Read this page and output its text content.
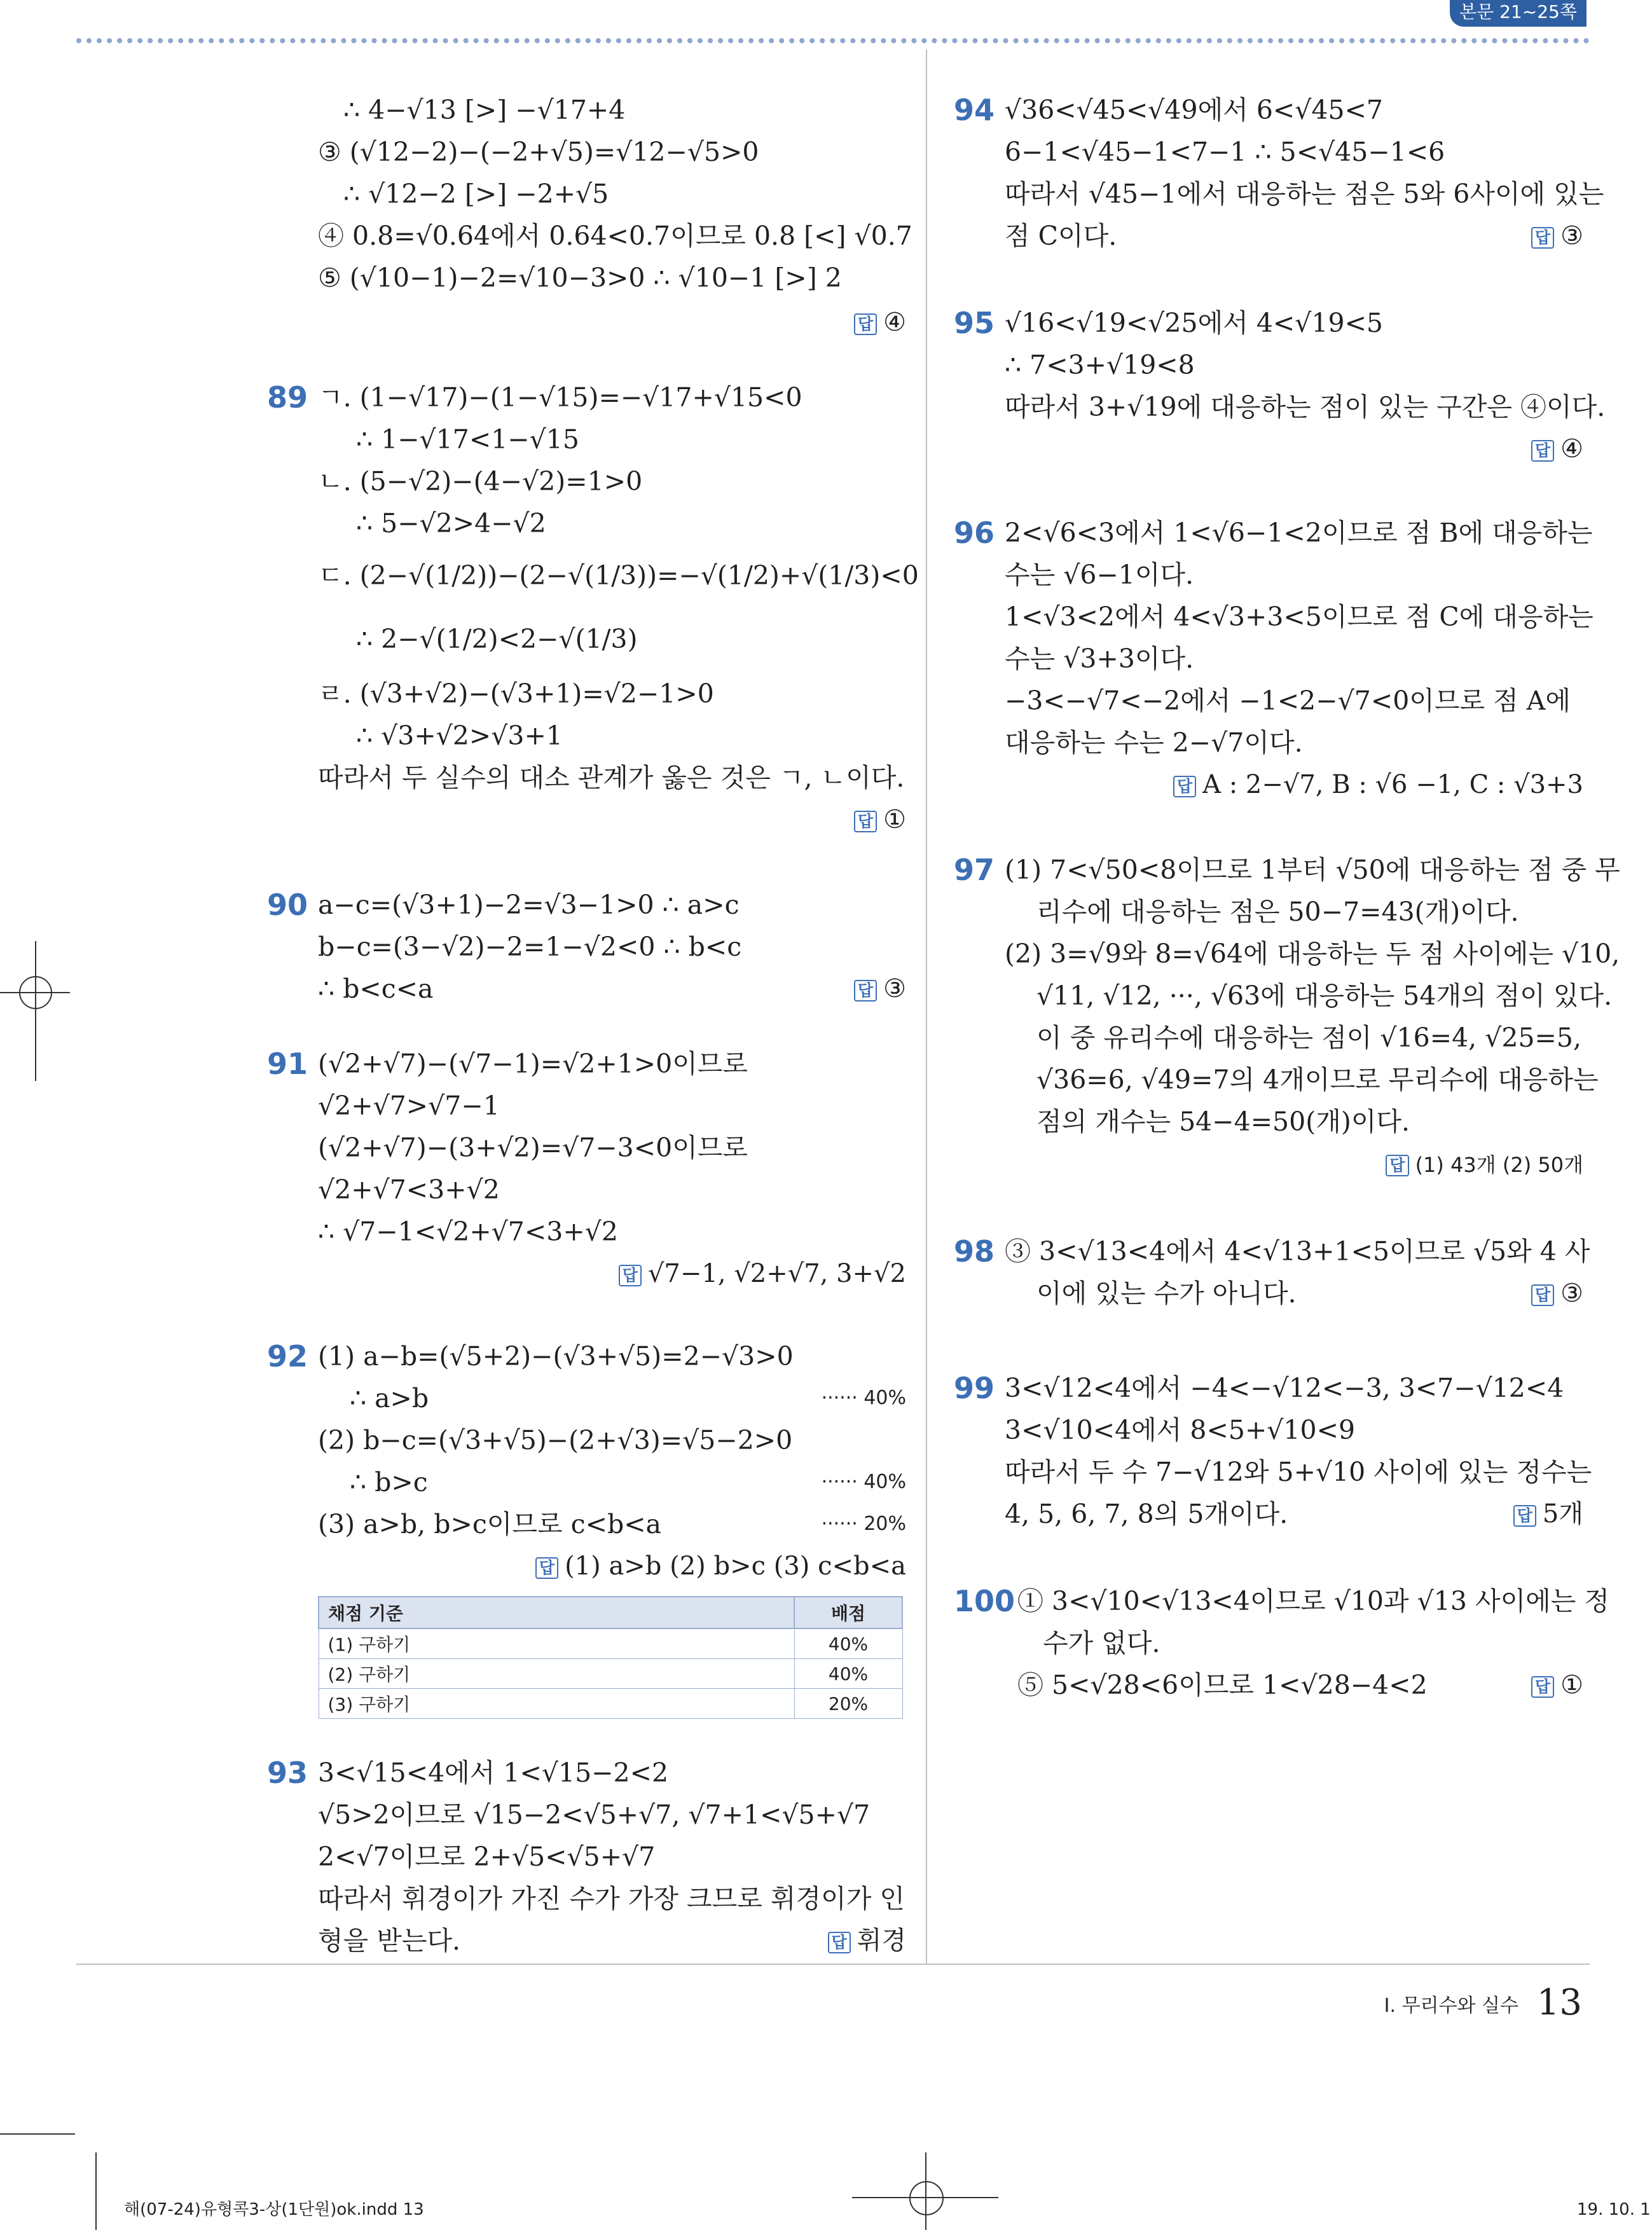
본문 21~25쪽
∴ 4−√13 [>] −√17+4
③ (√12−2)−(−2+√5)=√12−√5>0
∴ √12−2 [>] −2+√5
④ 0.8=√0.64에서 0.64<0.7이므로 0.8 [<] √0.7
⑤ (√10−1)−2=√10−3>0 ∴ √10−1 [>] 2
답 ④
89 ㄱ. (1−√17)−(1−√15)=−√17+√15<0
∴ 1−√17<1−√15
ㄴ. (5−√2)−(4−√2)=1>0
∴ 5−√2>4−√2
ㄷ. (2−√(1/2))−(2−√(1/3))=−√(1/2)+√(1/3)<0
∴ 2−√(1/2)<2−√(1/3)
ㄹ. (√3+√2)−(√3+1)=√2−1>0
∴ √3+√2>√3+1
따라서 두 실수의 대소 관계가 옳은 것은 ㄱ, ㄴ이다.
답 ①
90 a−c=(√3+1)−2=√3−1>0 ∴ a>c
b−c=(3−√2)−2=1−√2<0 ∴ b<c
∴ b<c<a	답 ③
91 (√2+√7)−(√7−1)=√2+1>0이므로
√2+√7>√7−1
(√2+√7)−(3+√2)=√7−3<0이므로
√2+√7<3+√2
∴ √7−1<√2+√7<3+√2
답 √7−1, √2+√7, 3+√2
92 (1) a−b=(√5+2)−(√3+√5)=2−√3>0
∴ a>b	······ 40%
(2) b−c=(√3+√5)−(2+√3)=√5−2>0
∴ b>c	······ 40%
(3) a>b, b>c이므로 c<b<a	······ 20%
답 (1) a>b (2) b>c (3) c<b<a
채점 기준	배점
(1) 구하기	40%
(2) 구하기	40%
(3) 구하기	20%
93 3<√15<4에서 1<√15−2<2
√5>2이므로 √15−2<√5+√7, √7+1<√5+√7
2<√7이므로 2+√5<√5+√7
따라서 휘경이가 가진 수가 가장 크므로 휘경이가 인
형을 받는다.	답 휘경
94 √36<√45<√49에서 6<√45<7
6−1<√45−1<7−1 ∴ 5<√45−1<6
따라서 √45−1에서 대응하는 점은 5와 6사이에 있는
점 C이다.	답 ③
95 √16<√19<√25에서 4<√19<5
∴ 7<3+√19<8
따라서 3+√19에 대응하는 점이 있는 구간은 ④이다.
답 ④
96 2<√6<3에서 1<√6−1<2이므로 점 B에 대응하는
수는 √6−1이다.
1<√3<2에서 4<√3+3<5이므로 점 C에 대응하는
수는 √3+3이다.
−3<−√7<−2에서 −1<2−√7<0이므로 점 A에
대응하는 수는 2−√7이다.
답 A : 2−√7, B : √6 −1, C : √3+3
97 (1) 7<√50<8이므로 1부터 √50에 대응하는 점 중 무
리수에 대응하는 점은 50−7=43(개)이다.
(2) 3=√9와 8=√64에 대응하는 두 점 사이에는 √10,
√11, √12, ···, √63에 대응하는 54개의 점이 있다.
이 중 유리수에 대응하는 점이 √16=4, √25=5,
√36=6, √49=7의 4개이므로 무리수에 대응하는
점의 개수는 54−4=50(개)이다.
답 (1) 43개 (2) 50개
98 ③ 3<√13<4에서 4<√13+1<5이므로 √5와 4 사
이에 있는 수가 아니다.	답 ③
99 3<√12<4에서 −4<−√12<−3, 3<7−√12<4
3<√10<4에서 8<5+√10<9
따라서 두 수 7−√12와 5+√10 사이에 있는 정수는
4, 5, 6, 7, 8의 5개이다.	답 5개
100 ① 3<√10<√13<4이므로 √10과 √13 사이에는 정
수가 없다.
⑤ 5<√28<6이므로 1<√28−4<2	답 ①
I. 무리수와 실수 13
해(07-24)유형콕3-상(1단원)ok.indd 13	19. 10. 1
